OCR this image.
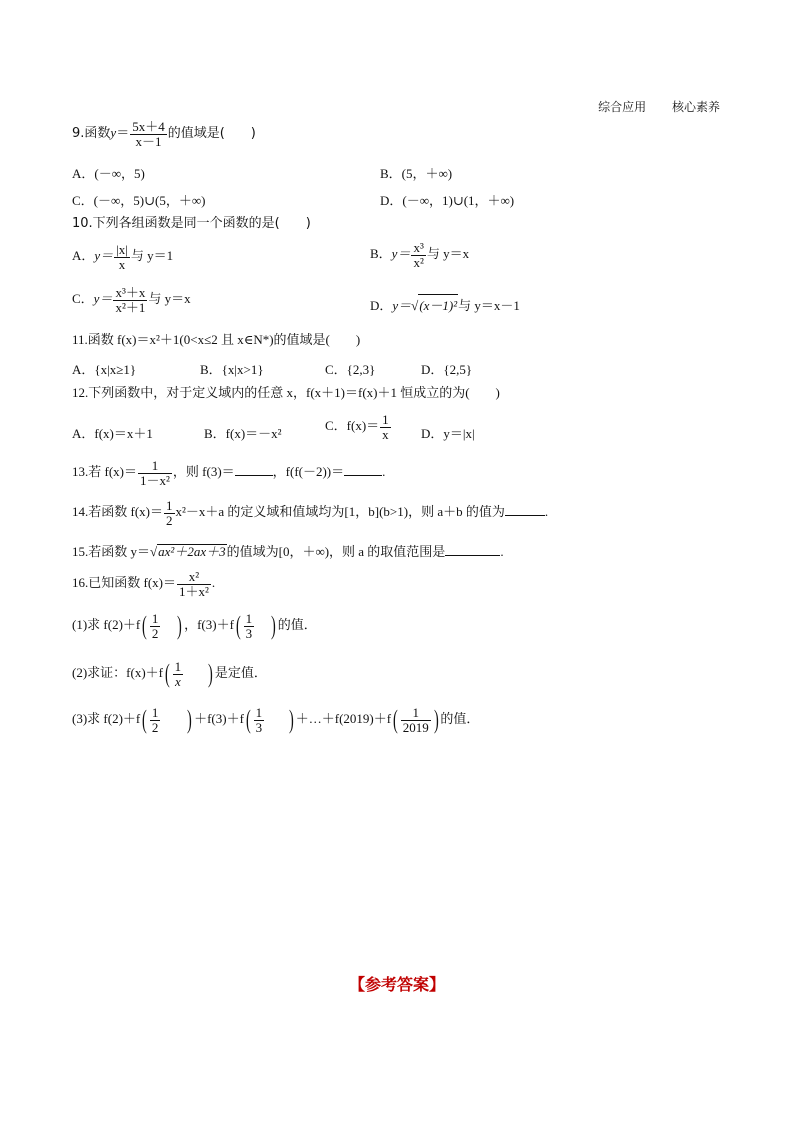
综合应用 核心素养
9.函数$y= \frac{5x+4}{x-1}$ 的值域是(　　)
A．(－∞，5)	B．(5，＋∞)
C．(－∞，5)∪(5，＋∞)	D．(－∞，1)∪(1，＋∞)
10.下列各组函数是同一个函数的是(　　)
A．$y= \frac{|x|}{x}$ 与 y＝1	B．$y= \frac{\text{x³}}{\text{x²}}$ 与 y＝x
C．$y= \frac{\text{x³＋x}}{\text{x²＋1}}$ 与 y＝x	D．y＝√(x－1)²与 y＝x－1
11.函数 f(x)＝x²＋1(0<x≤2 且 x∈N*)的值域是(　　)
A．{x|x≥1}	B．{x|x>1}	C．{2,3}	D．{2,5}
12.下列函数中，对于定义域内的任意 x，f(x＋1)＝f(x)＋1 恒成立的为(　　)
A．f(x)＝x＋1	B．f(x)＝－x²
C．$f(x)= \frac{1}{x}$ D．y＝|x|
13.若 $f(x)= \frac{1}{\text{1－x²}}$ ，则 f(3)＝	，f(f(－2))＝	.
14.若函数 $f(x)= \frac{1}{2} x^2-x+a$ 的定义域和值域均为[1，b](b>1)，则 a＋b 的值为	.
15.若函数 y＝√ax²＋2ax＋3的值域为[0，＋∞)，则 a 的取值范围是	.
16.已知函数 $f(x)= \frac{\text{x²}}{\text{1＋x²}}$ .
(1)求 $f(2)+f( \frac{1}{2}$ ) ，$f(3)+f( \frac{1}{3}$ ) 的值．
(2)求证：$f(x)+f( \frac{1}{x}$ ) 是定值．
(3)求 $f(2)+f( \frac{1}{2}$ ) $+f(3)+f( \frac{1}{3}$ ) ＋…＋f(2019)＋f( $\frac{1}{2019}$ ) 的值．
【参考答案】
